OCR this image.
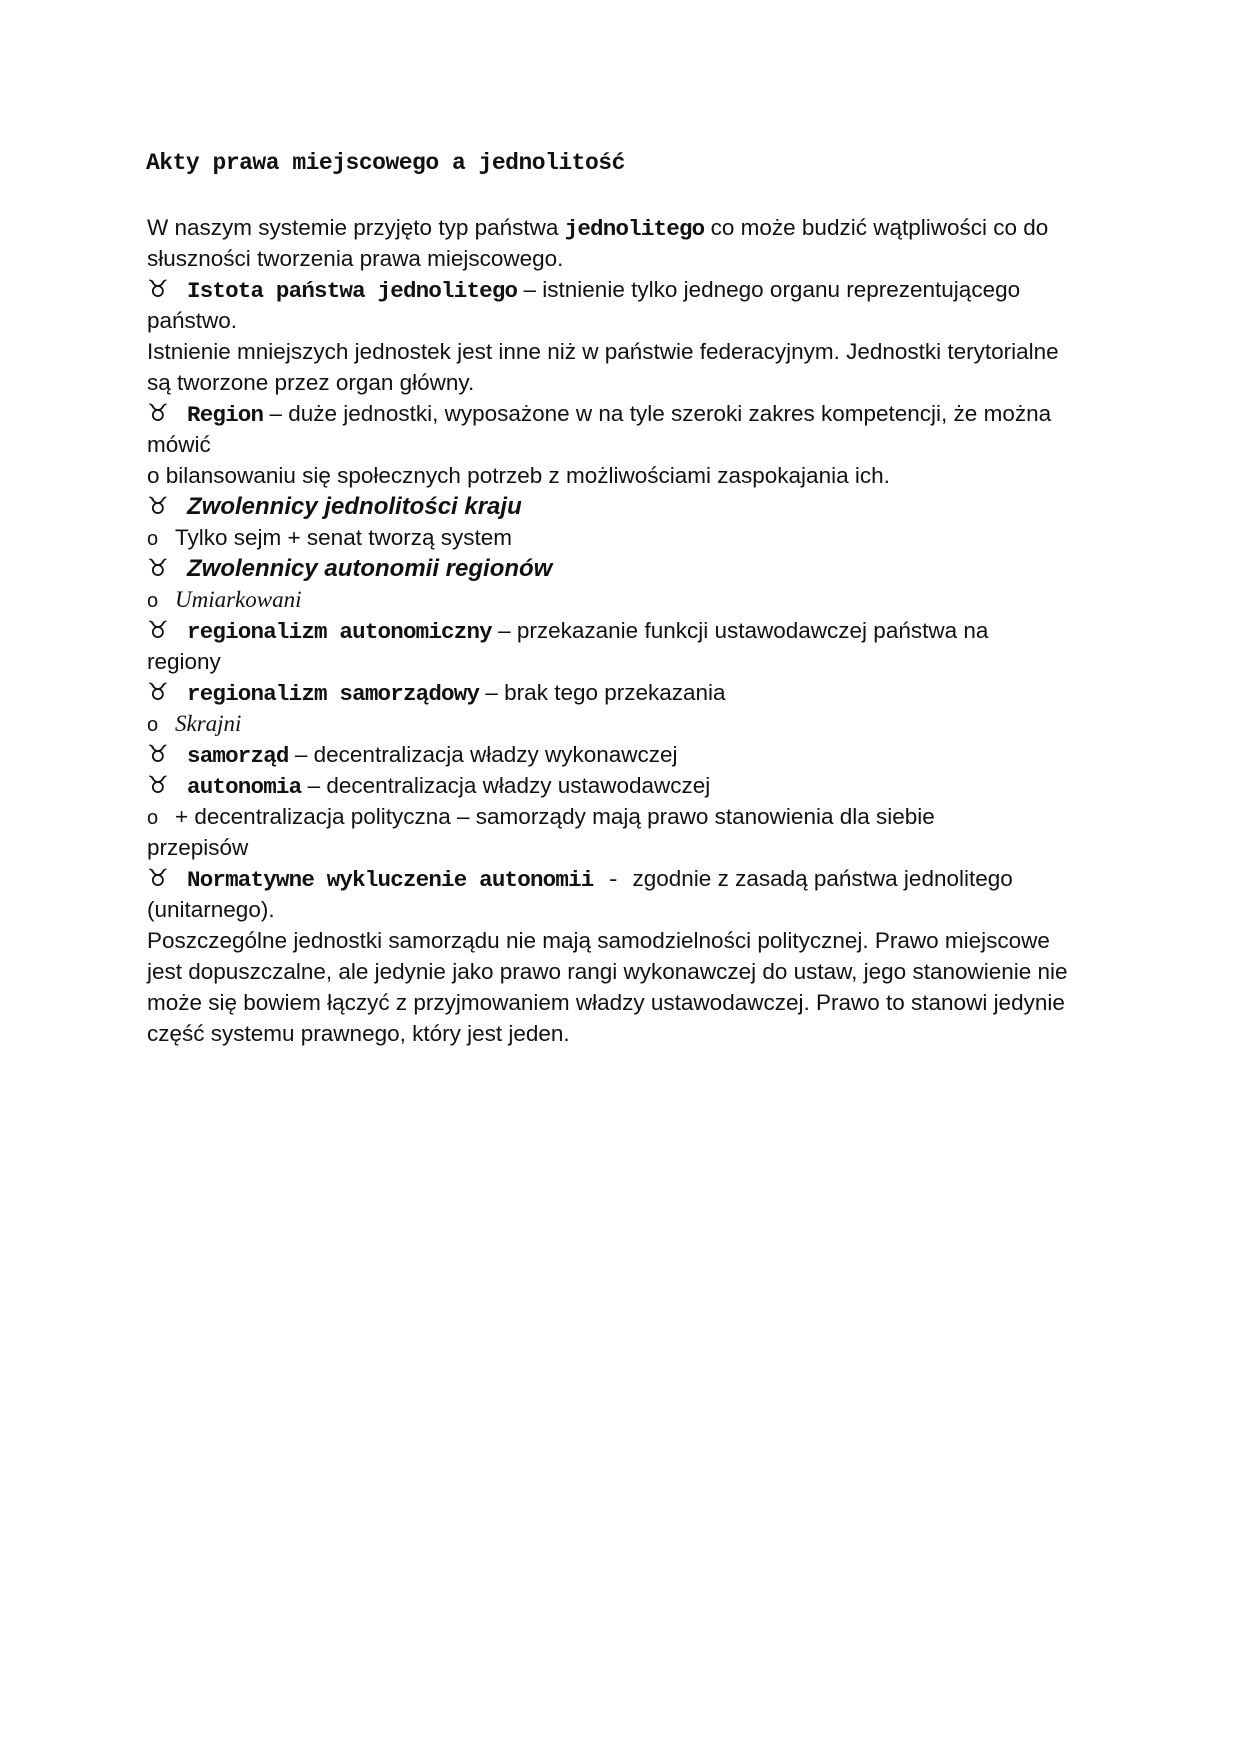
Akty prawa miejscowego a jednolitość
W naszym systemie przyjęto typ państwa jednolitego co może budzić wątpliwości co do
słuszności tworzenia prawa miejscowego.
♉ Istota państwa jednolitego – istnienie tylko jednego organu reprezentującego
państwo.
Istnienie mniejszych jednostek jest inne niż w państwie federacyjnym. Jednostki terytorialne
są tworzone przez organ główny.
♉ Region – duże jednostki, wyposażone w na tyle szeroki zakres kompetencji, że można
mówić
o bilansowaniu się społecznych potrzeb z możliwościami zaspokajania ich.
♉ Zwolennicy jednolitości kraju
o Tylko sejm + senat tworzą system
♉ Zwolennicy autonomii regionów
o Umiarkowani
♉ regionalizm autonomiczny – przekazanie funkcji ustawodawczej państwa na
regiony
♉ regionalizm samorządowy – brak tego przekazania
o Skrajni
♉ samorząd – decentralizacja władzy wykonawczej
♉ autonomia – decentralizacja władzy ustawodawczej
o + decentralizacja polityczna – samorządy mają prawo stanowienia dla siebie
przepisów
♉ Normatywne wykluczenie autonomii - zgodnie z zasadą państwa jednolitego
(unitarnego).
Poszczególne jednostki samorządu nie mają samodzielności politycznej. Prawo miejscowe
jest dopuszczalne, ale jedynie jako prawo rangi wykonawczej do ustaw, jego stanowienie nie
może się bowiem łączyć z przyjmowaniem władzy ustawodawczej. Prawo to stanowi jedynie
część systemu prawnego, który jest jeden.
